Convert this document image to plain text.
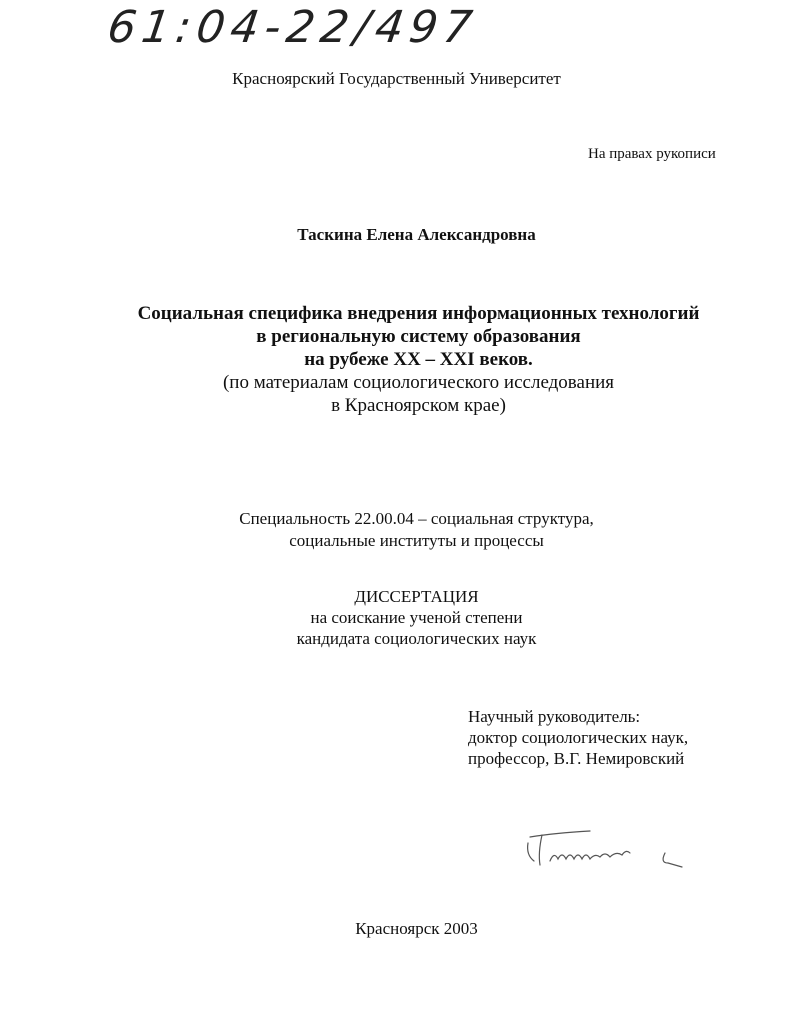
61:04-22/497
Красноярский Государственный Университет
На правах рукописи
Таскина Елена Александровна
Социальная специфика внедрения информационных технологий
в региональную систему образования
на рубеже XX – XXI веков.
(по материалам социологического исследования
в Красноярском крае)
Специальность 22.00.04 – социальная структура,
социальные институты и процессы
ДИССЕРТАЦИЯ
на соискание ученой степени
кандидата социологических наук
Научный руководитель:
доктор социологических наук,
профессор, В.Г. Немировский
Красноярск 2003
